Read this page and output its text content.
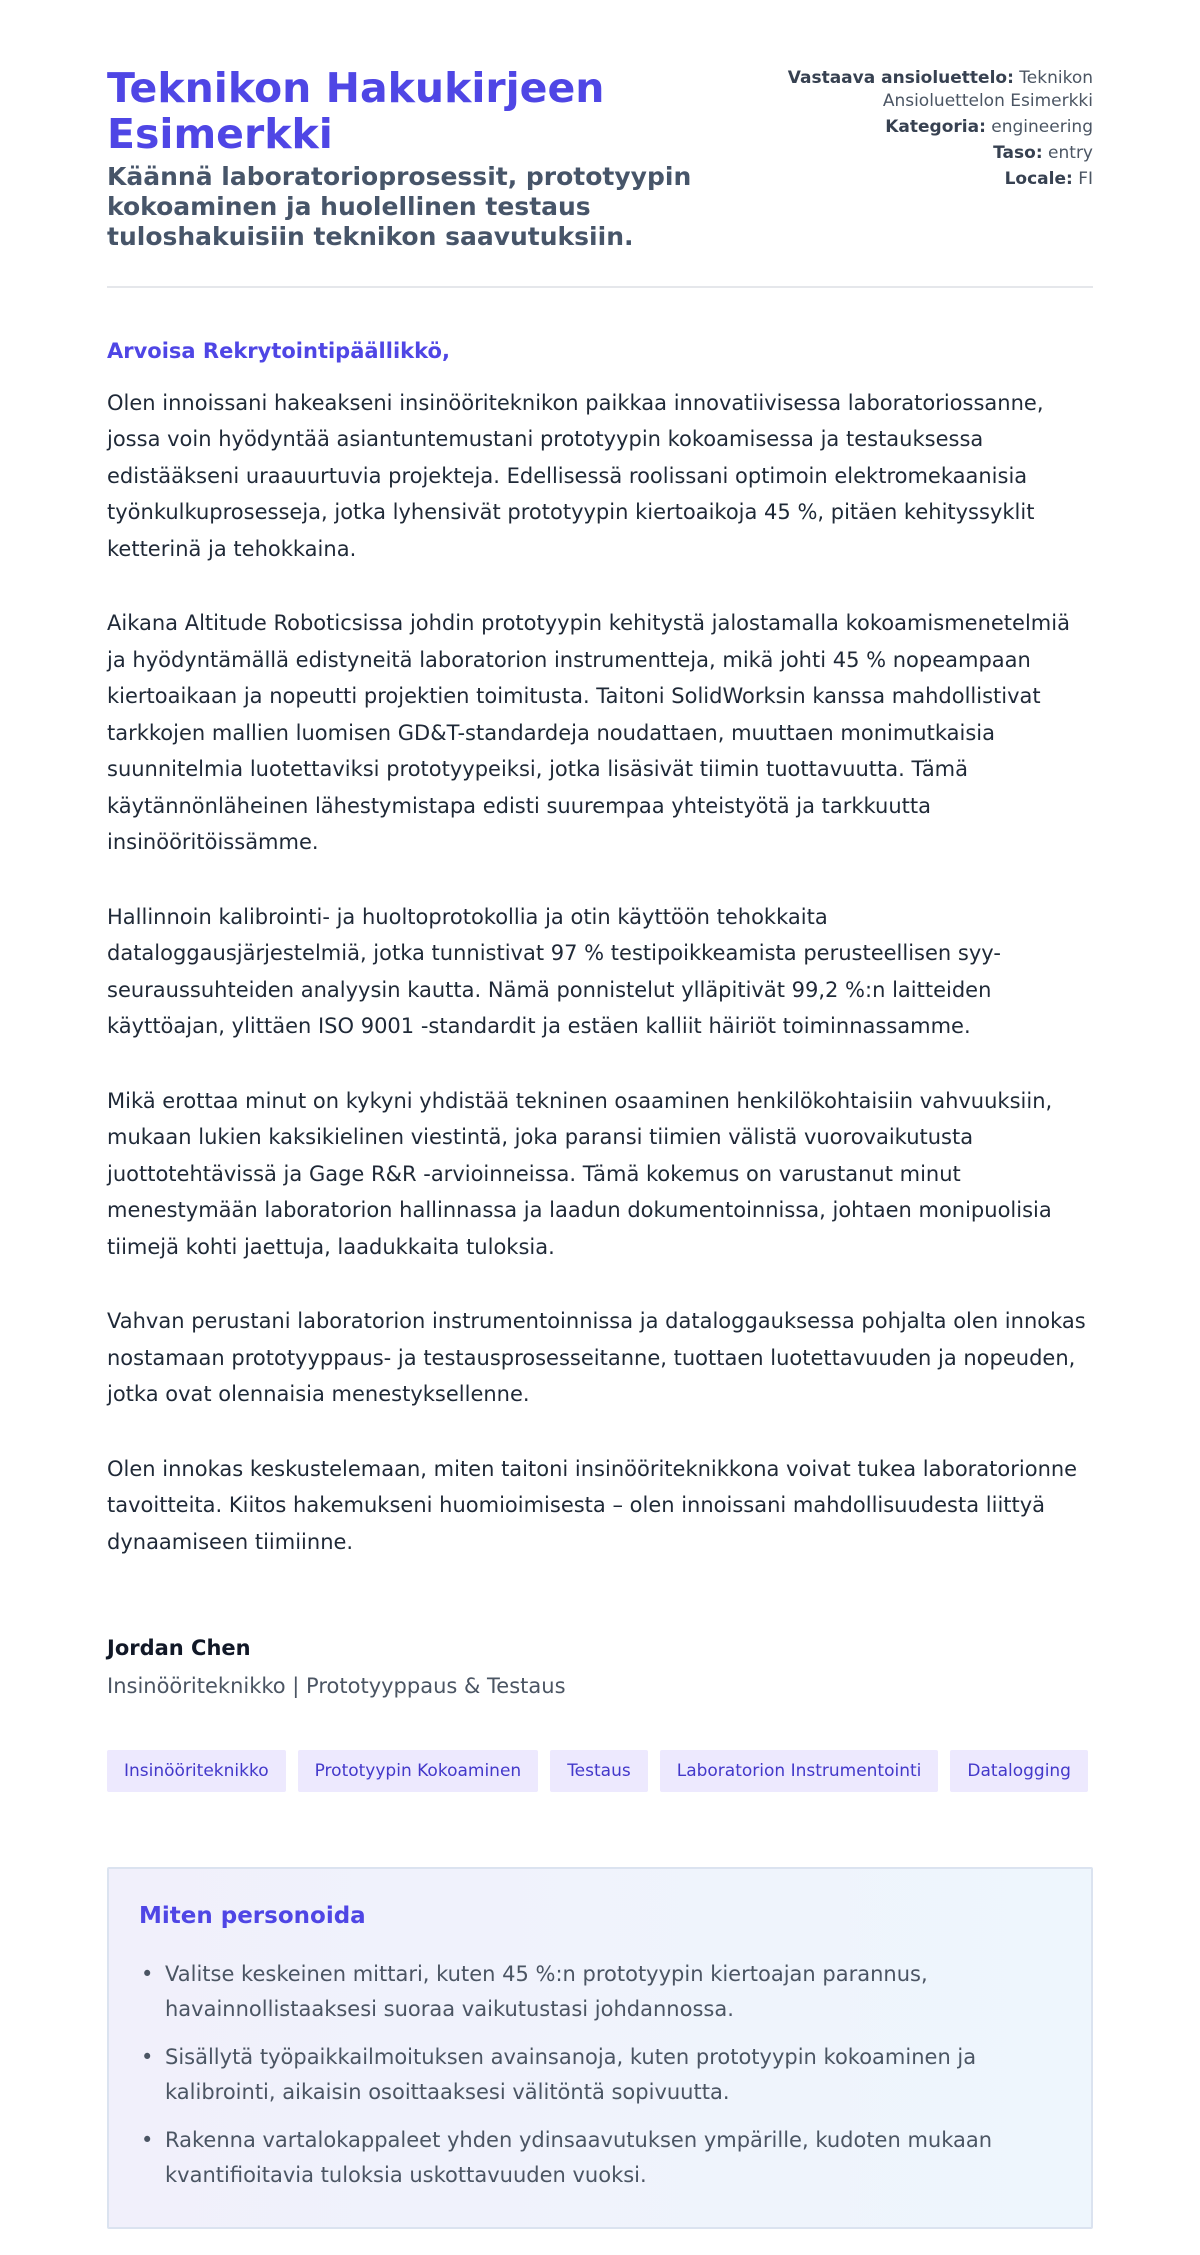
Teknikon Hakukirjeen Esimerkki
Käännä laboratorioprosessit, prototyypin kokoaminen ja huolellinen testaus tuloshakuisiin teknikon saavutuksiin.
Vastaava ansioluettelo: Teknikon Ansioluettelon Esimerkki
Kategoria: engineering
Taso: entry
Locale: FI

Arvoisa Rekrytointipäällikkö,

Olen innoissani hakeakseni insinööriteknikon paikkaa innovatiivisessa laboratoriossanne, jossa voin hyödyntää asiantuntemustani prototyypin kokoamisessa ja testauksessa edistääkseni uraauurtuvia projekteja. Edellisessä roolissani optimoin elektromekaanisia työnkulkuprosesseja, jotka lyhensivät prototyypin kiertoaikoja 45 %, pitäen kehityssyklit ketterinä ja tehokkaina.

Aikana Altitude Roboticsissa johdin prototyypin kehitystä jalostamalla kokoamismenetelmiä ja hyödyntämällä edistyneitä laboratorion instrumentteja, mikä johti 45 % nopeampaan kiertoaikaan ja nopeutti projektien toimitusta. Taitoni SolidWorksin kanssa mahdollistivat tarkkojen mallien luomisen GD&T-standardeja noudattaen, muuttaen monimutkaisia suunnitelmia luotettaviksi prototyypeiksi, jotka lisäsivät tiimin tuottavuutta. Tämä käytännönläheinen lähestymistapa edisti suurempaa yhteistyötä ja tarkkuutta insinööritöissämme.

Hallinnoin kalibrointi- ja huoltoprotokollia ja otin käyttöön tehokkaita dataloggausjärjestelmiä, jotka tunnistivat 97 % testipoikkeamista perusteellisen syy-seuraussuhteiden analyysin kautta. Nämä ponnistelut ylläpitivät 99,2 %:n laitteiden käyttöajan, ylittäen ISO 9001 -standardit ja estäen kalliit häiriöt toiminnassamme.

Mikä erottaa minut on kykyni yhdistää tekninen osaaminen henkilökohtaisiin vahvuuksiin, mukaan lukien kaksikielinen viestintä, joka paransi tiimien välistä vuorovaikutusta juottotehtävissä ja Gage R&R -arvioinneissa. Tämä kokemus on varustanut minut menestymään laboratorion hallinnassa ja laadun dokumentoinnissa, johtaen monipuolisia tiimejä kohti jaettuja, laadukkaita tuloksia.

Vahvan perustani laboratorion instrumentoinnissa ja dataloggauksessa pohjalta olen innokas nostamaan prototyyppaus- ja testausprosesseitanne, tuottaen luotettavuuden ja nopeuden, jotka ovat olennaisia menestyksellenne.

Olen innokas keskustelemaan, miten taitoni insinööriteknikkona voivat tukea laboratorionne tavoitteita. Kiitos hakemukseni huomioimisesta – olen innoissani mahdollisuudesta liittyä dynaamiseen tiimiinne.

Jordan Chen

Insinööriteknikko | Prototyyppaus & Testaus

Insinööriteknikko	Prototyypin Kokoaminen	Testaus	Laboratorion Instrumentointi	Datalogging
Miten personoida
• Valitse keskeinen mittari, kuten 45 %:n prototyypin kiertoajan parannus, havainnollistaaksesi suoraa vaikutustasi johdannossa.
• Sisällytä työpaikkailmoituksen avainsanoja, kuten prototyypin kokoaminen ja kalibrointi, aikaisin osoittaaksesi välitöntä sopivuutta.
• Rakenna vartalokappaleet yhden ydinsaavutuksen ympärille, kudoten mukaan kvantifioitavia tuloksia uskottavuuden vuoksi.
